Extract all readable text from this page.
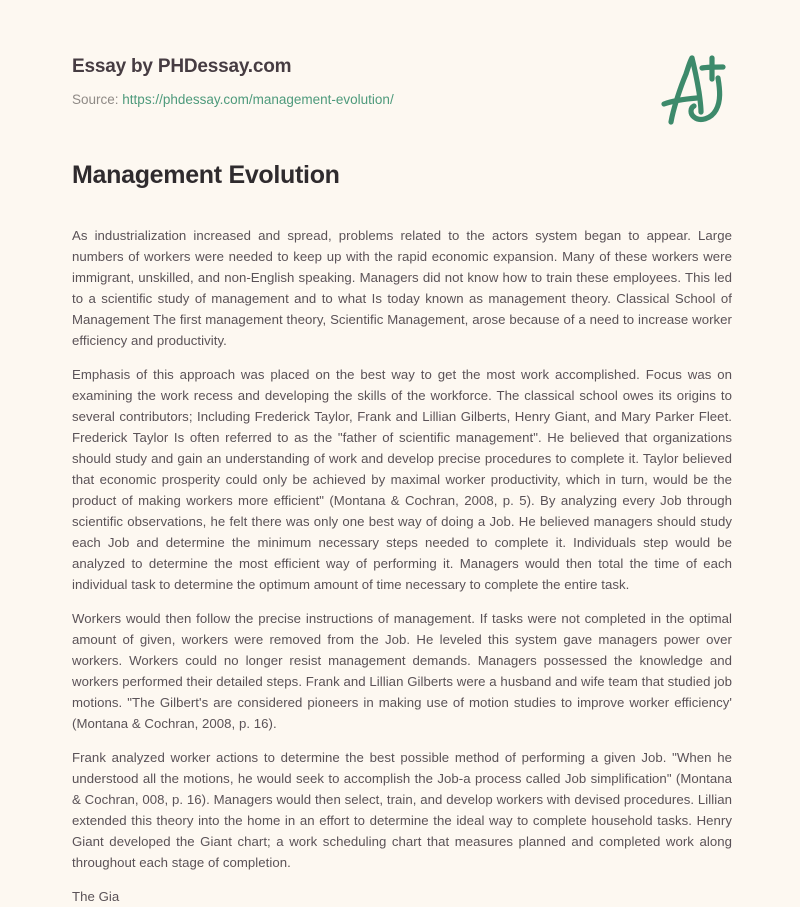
Essay by PHDessay.com
Source: https://phdessay.com/management-evolution/
Management Evolution

As industrialization increased and spread, problems related to the actors system began to appear. Large numbers of workers were needed to keep up with the rapid economic expansion. Many of these workers were immigrant, unskilled, and non-English speaking. Managers did not know how to train these employees. This led to a scientific study of management and to what Is today known as management theory. Classical School of Management The first management theory, Scientific Management, arose because of a need to increase worker efficiency and productivity.

Emphasis of this approach was placed on the best way to get the most work accomplished. Focus was on examining the work recess and developing the skills of the workforce. The classical school owes its origins to several contributors; Including Frederick Taylor, Frank and Lillian Gilberts, Henry Giant, and Mary Parker Fleet. Frederick Taylor Is often referred to as the "father of scientific management". He believed that organizations should study and gain an understanding of work and develop precise procedures to complete it. Taylor believed that economic prosperity could only be achieved by maximal worker productivity, which in turn, would be the product of making workers more efficient" (Montana & Cochran, 2008, p. 5). By analyzing every Job through scientific observations, he felt there was only one best way of doing a Job. He believed managers should study each Job and determine the minimum necessary steps needed to complete it. Individuals step would be analyzed to determine the most efficient way of performing it. Managers would then total the time of each individual task to determine the optimum amount of time necessary to complete the entire task.

Workers would then follow the precise instructions of management. If tasks were not completed in the optimal amount of given, workers were removed from the Job. He leveled this system gave managers power over workers. Workers could no longer resist management demands. Managers possessed the knowledge and workers performed their detailed steps. Frank and Lillian Gilberts were a husband and wife team that studied job motions. "The Gilbert's are considered pioneers in making use of motion studies to improve worker efficiency' (Montana & Cochran, 2008, p. 16).

Frank analyzed worker actions to determine the best possible method of performing a given Job. "When he understood all the motions, he would seek to accomplish the Job-a process called Job simplification" (Montana & Cochran, 008, p. 16). Managers would then select, train, and develop workers with devised procedures. Lillian extended this theory into the home in an effort to determine the ideal way to complete household tasks. Henry Giant developed the Giant chart; a work scheduling chart that measures planned and completed work along throughout each stage of completion.

The Gia
